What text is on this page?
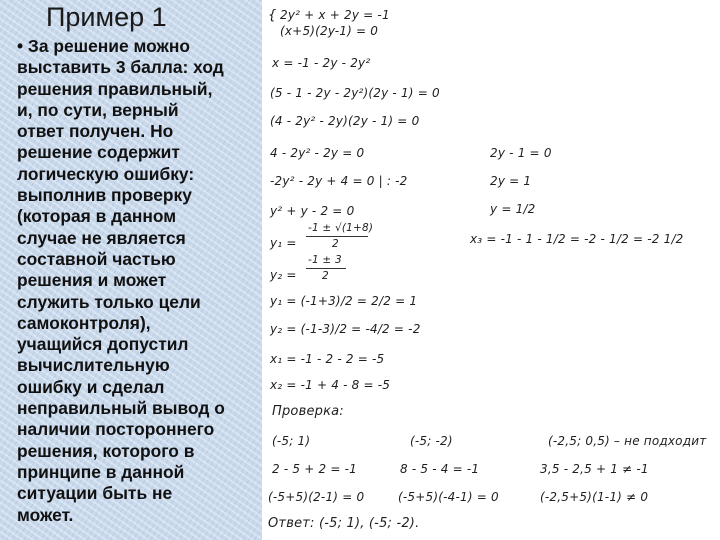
Пример 1
• За решение можно
выставить 3 балла: ход
решения правильный,
и, по сути, верный
ответ получен. Но
решение содержит
логическую ошибку:
выполнив проверку
(которая в данном
случае не является
составной частью
решения и может
служить только цели
самоконтроля),
учащийся допустил
вычислительную
ошибку и сделал
неправильный вывод о
наличии постороннего
решения, которого в
принципе в данной
ситуации быть не
может.
{ 2y² + x + 2y = -1
(x+5)(2y-1) = 0
x = -1 - 2y - 2y²
(5 - 1 - 2y - 2y²)(2y - 1) = 0
(4 - 2y² - 2y)(2y - 1) = 0
4 - 2y² - 2y = 0
-2y² - 2y + 4 = 0 | : -2
y² + y - 2 = 0
y₁ =
-1 ± √(1+8)
2
y₂ =
-1 ± 3
2
y₁ = (-1+3)/2 = 2/2 = 1
y₂ = (-1-3)/2 = -4/2 = -2
x₁ = -1 - 2 - 2 = -5
x₂ = -1 + 4 - 8 = -5
2y - 1 = 0
2y = 1
y = 1/2
x₃ = -1 - 1 - 1/2 = -2 - 1/2 = -2 1/2
Проверка:
(-5; 1)	(-5; -2)	(-2,5; 0,5) – не подходит
2 - 5 + 2 = -1	8 - 5 - 4 = -1	3,5 - 2,5 + 1 ≠ -1
(-5+5)(2-1) = 0	(-5+5)(-4-1) = 0	(-2,5+5)(1-1) ≠ 0
Ответ: (-5; 1), (-5; -2).
